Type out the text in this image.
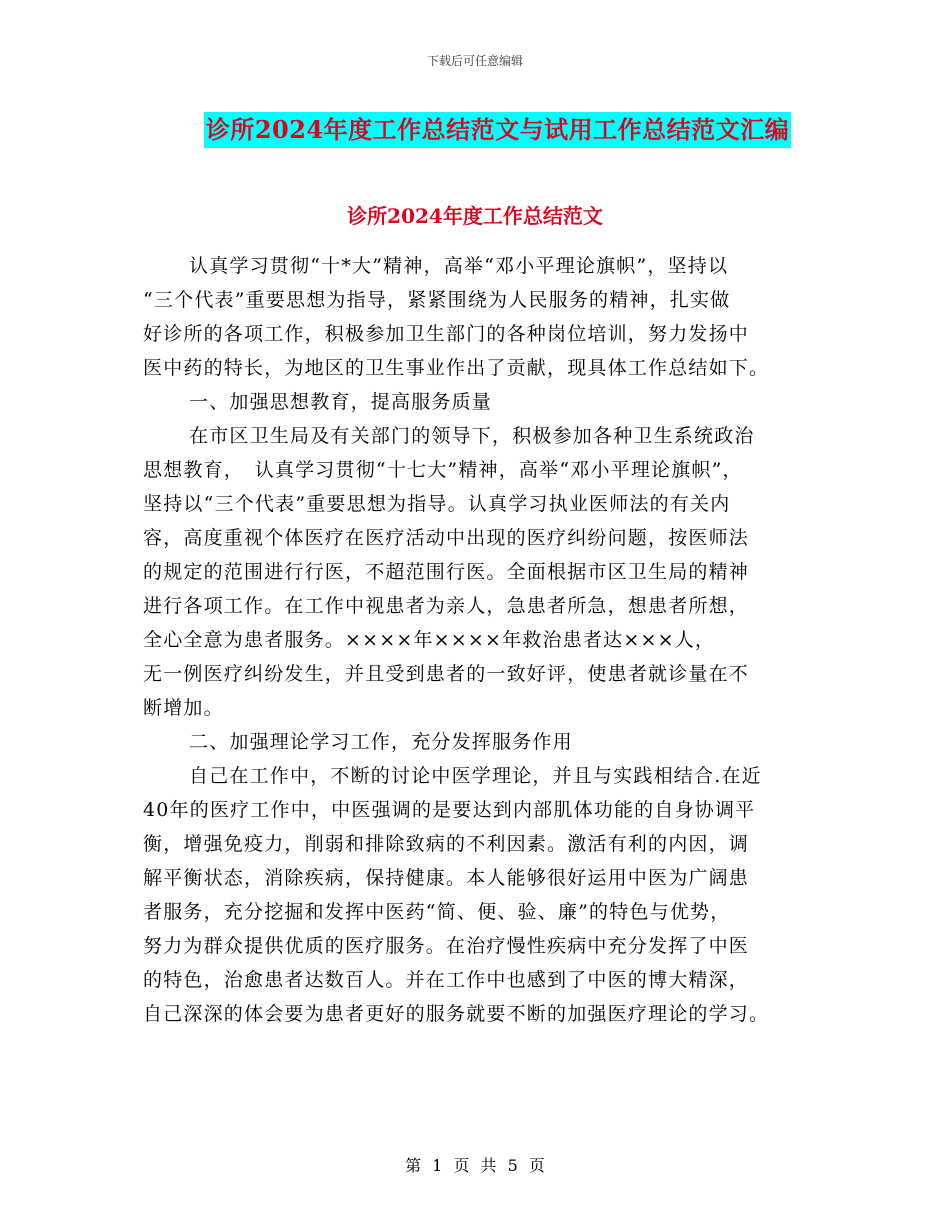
下载后可任意编辑
诊所2024年度工作总结范文与试用工作总结范文汇编
诊所2024年度工作总结范文
认真学习贯彻“十*大”精神，高举“邓小平理论旗帜”，坚持以
“三个代表”重要思想为指导，紧紧围绕为人民服务的精神，扎实做
好诊所的各项工作，积极参加卫生部门的各种岗位培训，努力发扬中
医中药的特长，为地区的卫生事业作出了贡献，现具体工作总结如下。
一、加强思想教育，提高服务质量
在市区卫生局及有关部门的领导下，积极参加各种卫生系统政治
思想教育，　认真学习贯彻“十七大”精神，高举“邓小平理论旗帜”，
坚持以“三个代表”重要思想为指导。认真学习执业医师法的有关内
容，高度重视个体医疗在医疗活动中出现的医疗纠纷问题，按医师法
的规定的范围进行行医，不超范围行医。全面根据市区卫生局的精神
进行各项工作。在工作中视患者为亲人，急患者所急，想患者所想，
全心全意为患者服务。××××年××××年救治患者达×××人，
无一例医疗纠纷发生，并且受到患者的一致好评，使患者就诊量在不
断增加。
二、加强理论学习工作，充分发挥服务作用
自己在工作中，不断的讨论中医学理论，并且与实践相结合.在近
40年的医疗工作中，中医强调的是要达到内部肌体功能的自身协调平
衡，增强免疫力，削弱和排除致病的不利因素。激活有利的内因，调
解平衡状态，消除疾病，保持健康。本人能够很好运用中医为广阔患
者服务，充分挖掘和发挥中医药“简、便、验、廉”的特色与优势，
努力为群众提供优质的医疗服务。在治疗慢性疾病中充分发挥了中医
的特色，治愈患者达数百人。并在工作中也感到了中医的博大精深，
自己深深的体会要为患者更好的服务就要不断的加强医疗理论的学习。
第 1 页 共 5 页
